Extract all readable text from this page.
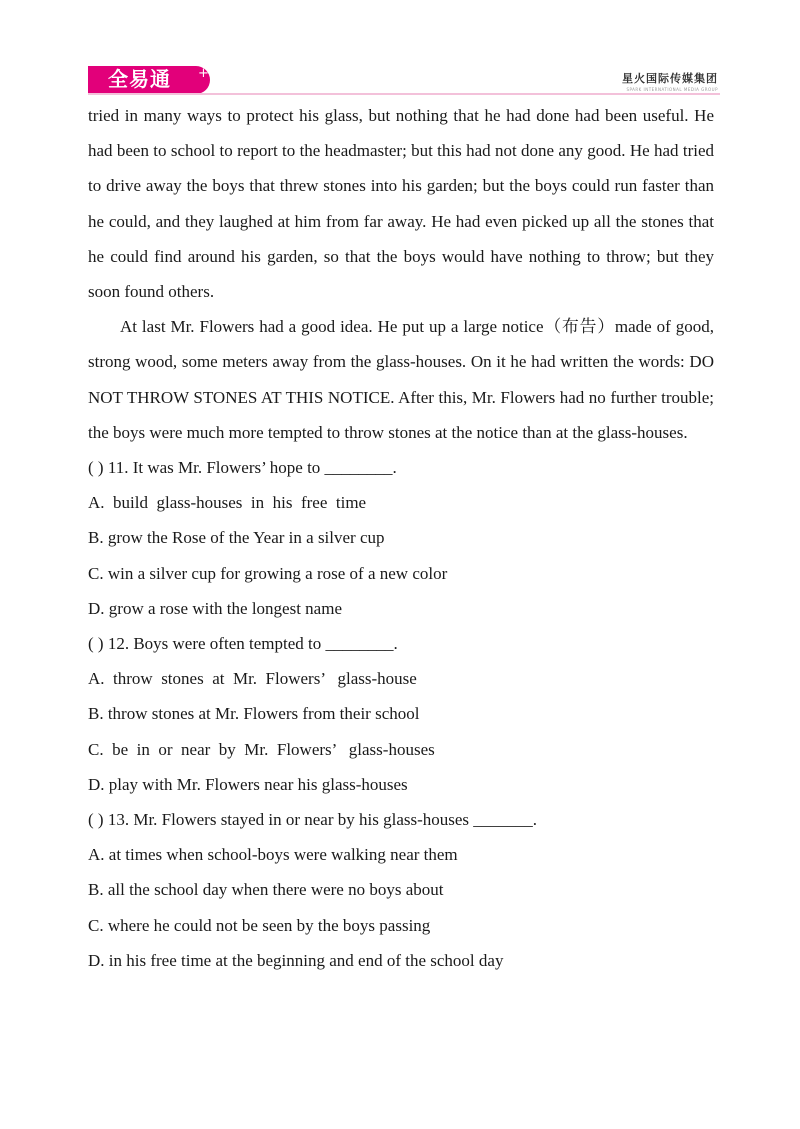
全易通 +	星火国际传媒集团
SPARK INTERNATIONAL MEDIA GROUP

tried in many ways to protect his glass, but nothing that he had done had been useful. He had been to school to report to the headmaster; but this had not done any good. He had tried to drive away the boys that threw stones into his garden; but the boys could run faster than he could, and they laughed at him from far away. He had even picked up all the stones that he could find around his garden, so that the boys would have nothing to throw; but they soon found others.

At last Mr. Flowers had a good idea. He put up a large notice（布告）made of good, strong wood, some meters away from the glass-houses. On it he had written the words: DO NOT THROW STONES AT THIS NOTICE. After this, Mr. Flowers had no further trouble; the boys were much more tempted to throw stones at the notice than at the glass-houses.

( ) 11. It was Mr. Flowers’ hope to ________.

A.  build  glass-houses  in  his  free  time

B. grow the Rose of the Year in a silver cup

C. win a silver cup for growing a rose of a new color

D. grow a rose with the longest name

( ) 12. Boys were often tempted to ________.

A.  throw  stones  at  Mr.  Flowers’   glass-house

B. throw stones at Mr. Flowers from their school

C.  be  in  or  near  by  Mr.  Flowers’   glass-houses

D. play with Mr. Flowers near his glass-houses

( ) 13. Mr. Flowers stayed in or near by his glass-houses _______.

A. at times when school-boys were walking near them

B. all the school day when there were no boys about

C. where he could not be seen by the boys passing

D. in his free time at the beginning and end of the school day
